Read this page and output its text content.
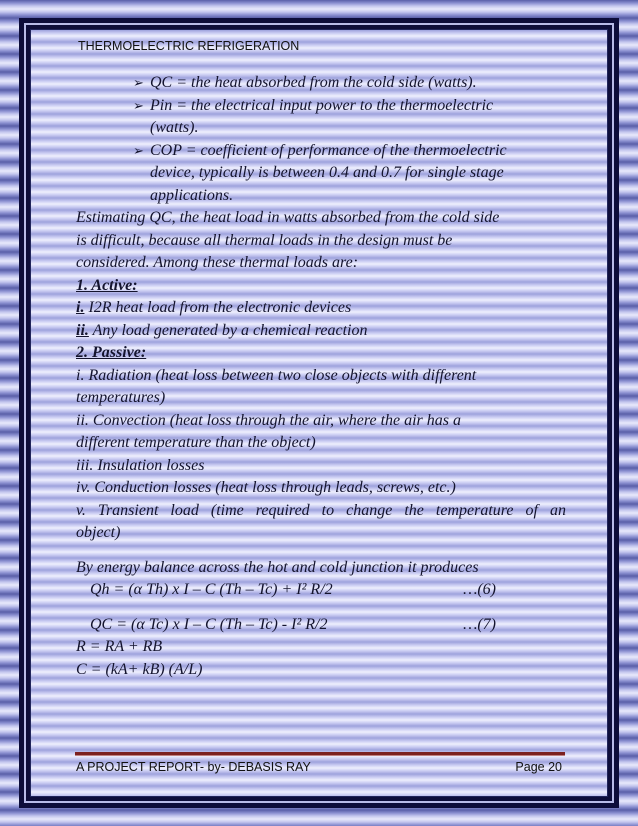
THERMOELECTRIC REFRIGERATION
➢ QC = the heat absorbed from the cold side (watts).
➢ Pin = the electrical input power to the thermoelectric
(watts).
➢ COP = coefficient of performance of the thermoelectric
device, typically is between 0.4 and 0.7 for single stage
applications.
Estimating QC, the heat load in watts absorbed from the cold side
is difficult, because all thermal loads in the design must be
considered. Among these thermal loads are:
1. Active:
i. I2R heat load from the electronic devices
ii. Any load generated by a chemical reaction
2. Passive:
i. Radiation (heat loss between two close objects with different
temperatures)
ii. Convection (heat loss through the air, where the air has a
different temperature than the object)
iii. Insulation losses
iv. Conduction losses (heat loss through leads, screws, etc.)
v. Transient load (time required to change the temperature of an
object)
By energy balance across the hot and cold junction it produces
Qh = (α Th) x I – C (Th – Tc) + I² R/2	…(6)
QC = (α Tc) x I – C (Th – Tc) - I² R/2	…(7)
R = RA + RB
C = (kA+ kB) (A/L)
A PROJECT REPORT- by- DEBASIS RAY	Page 20
